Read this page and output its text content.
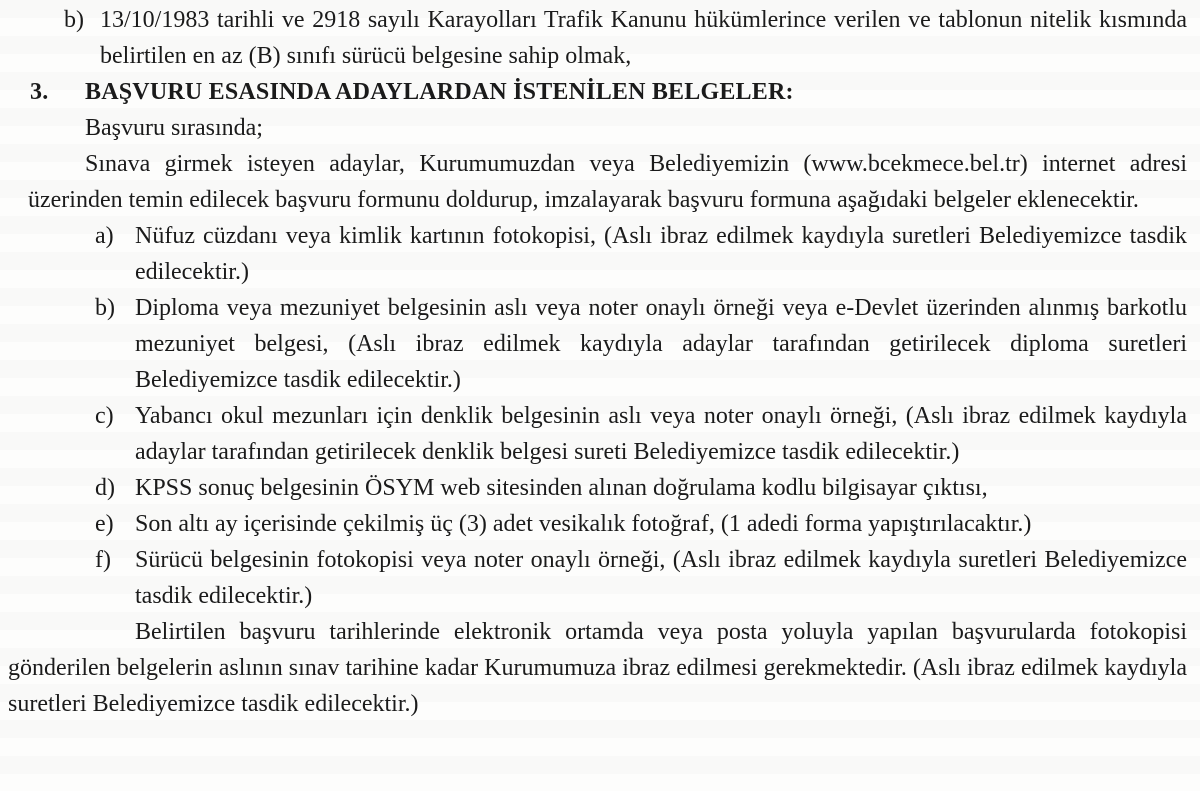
b) 13/10/1983 tarihli ve 2918 sayılı Karayolları Trafik Kanunu hükümlerince verilen ve tablonun nitelik kısmında belirtilen en az (B) sınıfı sürücü belgesine sahip olmak,
3. BAŞVURU ESASINDA ADAYLARDAN İSTENİLEN BELGELER:

Başvuru sırasında;

Sınava girmek isteyen adaylar, Kurumumuzdan veya Belediyemizin (www.bcekmece.bel.tr) internet adresi üzerinden temin edilecek başvuru formunu doldurup, imzalayarak başvuru formuna aşağıdaki belgeler eklenecektir.

a) Nüfuz cüzdanı veya kimlik kartının fotokopisi, (Aslı ibraz edilmek kaydıyla suretleri Belediyemizce tasdik edilecektir.)
b) Diploma veya mezuniyet belgesinin aslı veya noter onaylı örneği veya e-Devlet üzerinden alınmış barkotlu mezuniyet belgesi, (Aslı ibraz edilmek kaydıyla adaylar tarafından getirilecek diploma suretleri Belediyemizce tasdik edilecektir.)
c) Yabancı okul mezunları için denklik belgesinin aslı veya noter onaylı örneği, (Aslı ibraz edilmek kaydıyla adaylar tarafından getirilecek denklik belgesi sureti Belediyemizce tasdik edilecektir.)
d) KPSS sonuç belgesinin ÖSYM web sitesinden alınan doğrulama kodlu bilgisayar çıktısı,
e) Son altı ay içerisinde çekilmiş üç (3) adet vesikalık fotoğraf, (1 adedi forma yapıştırılacaktır.)
f) Sürücü belgesinin fotokopisi veya noter onaylı örneği, (Aslı ibraz edilmek kaydıyla suretleri Belediyemizce tasdik edilecektir.)

Belirtilen başvuru tarihlerinde elektronik ortamda veya posta yoluyla yapılan başvurularda fotokopisi gönderilen belgelerin aslının sınav tarihine kadar Kurumumuza ibraz edilmesi gerekmektedir. (Aslı ibraz edilmek kaydıyla suretleri Belediyemizce tasdik edilecektir.)
